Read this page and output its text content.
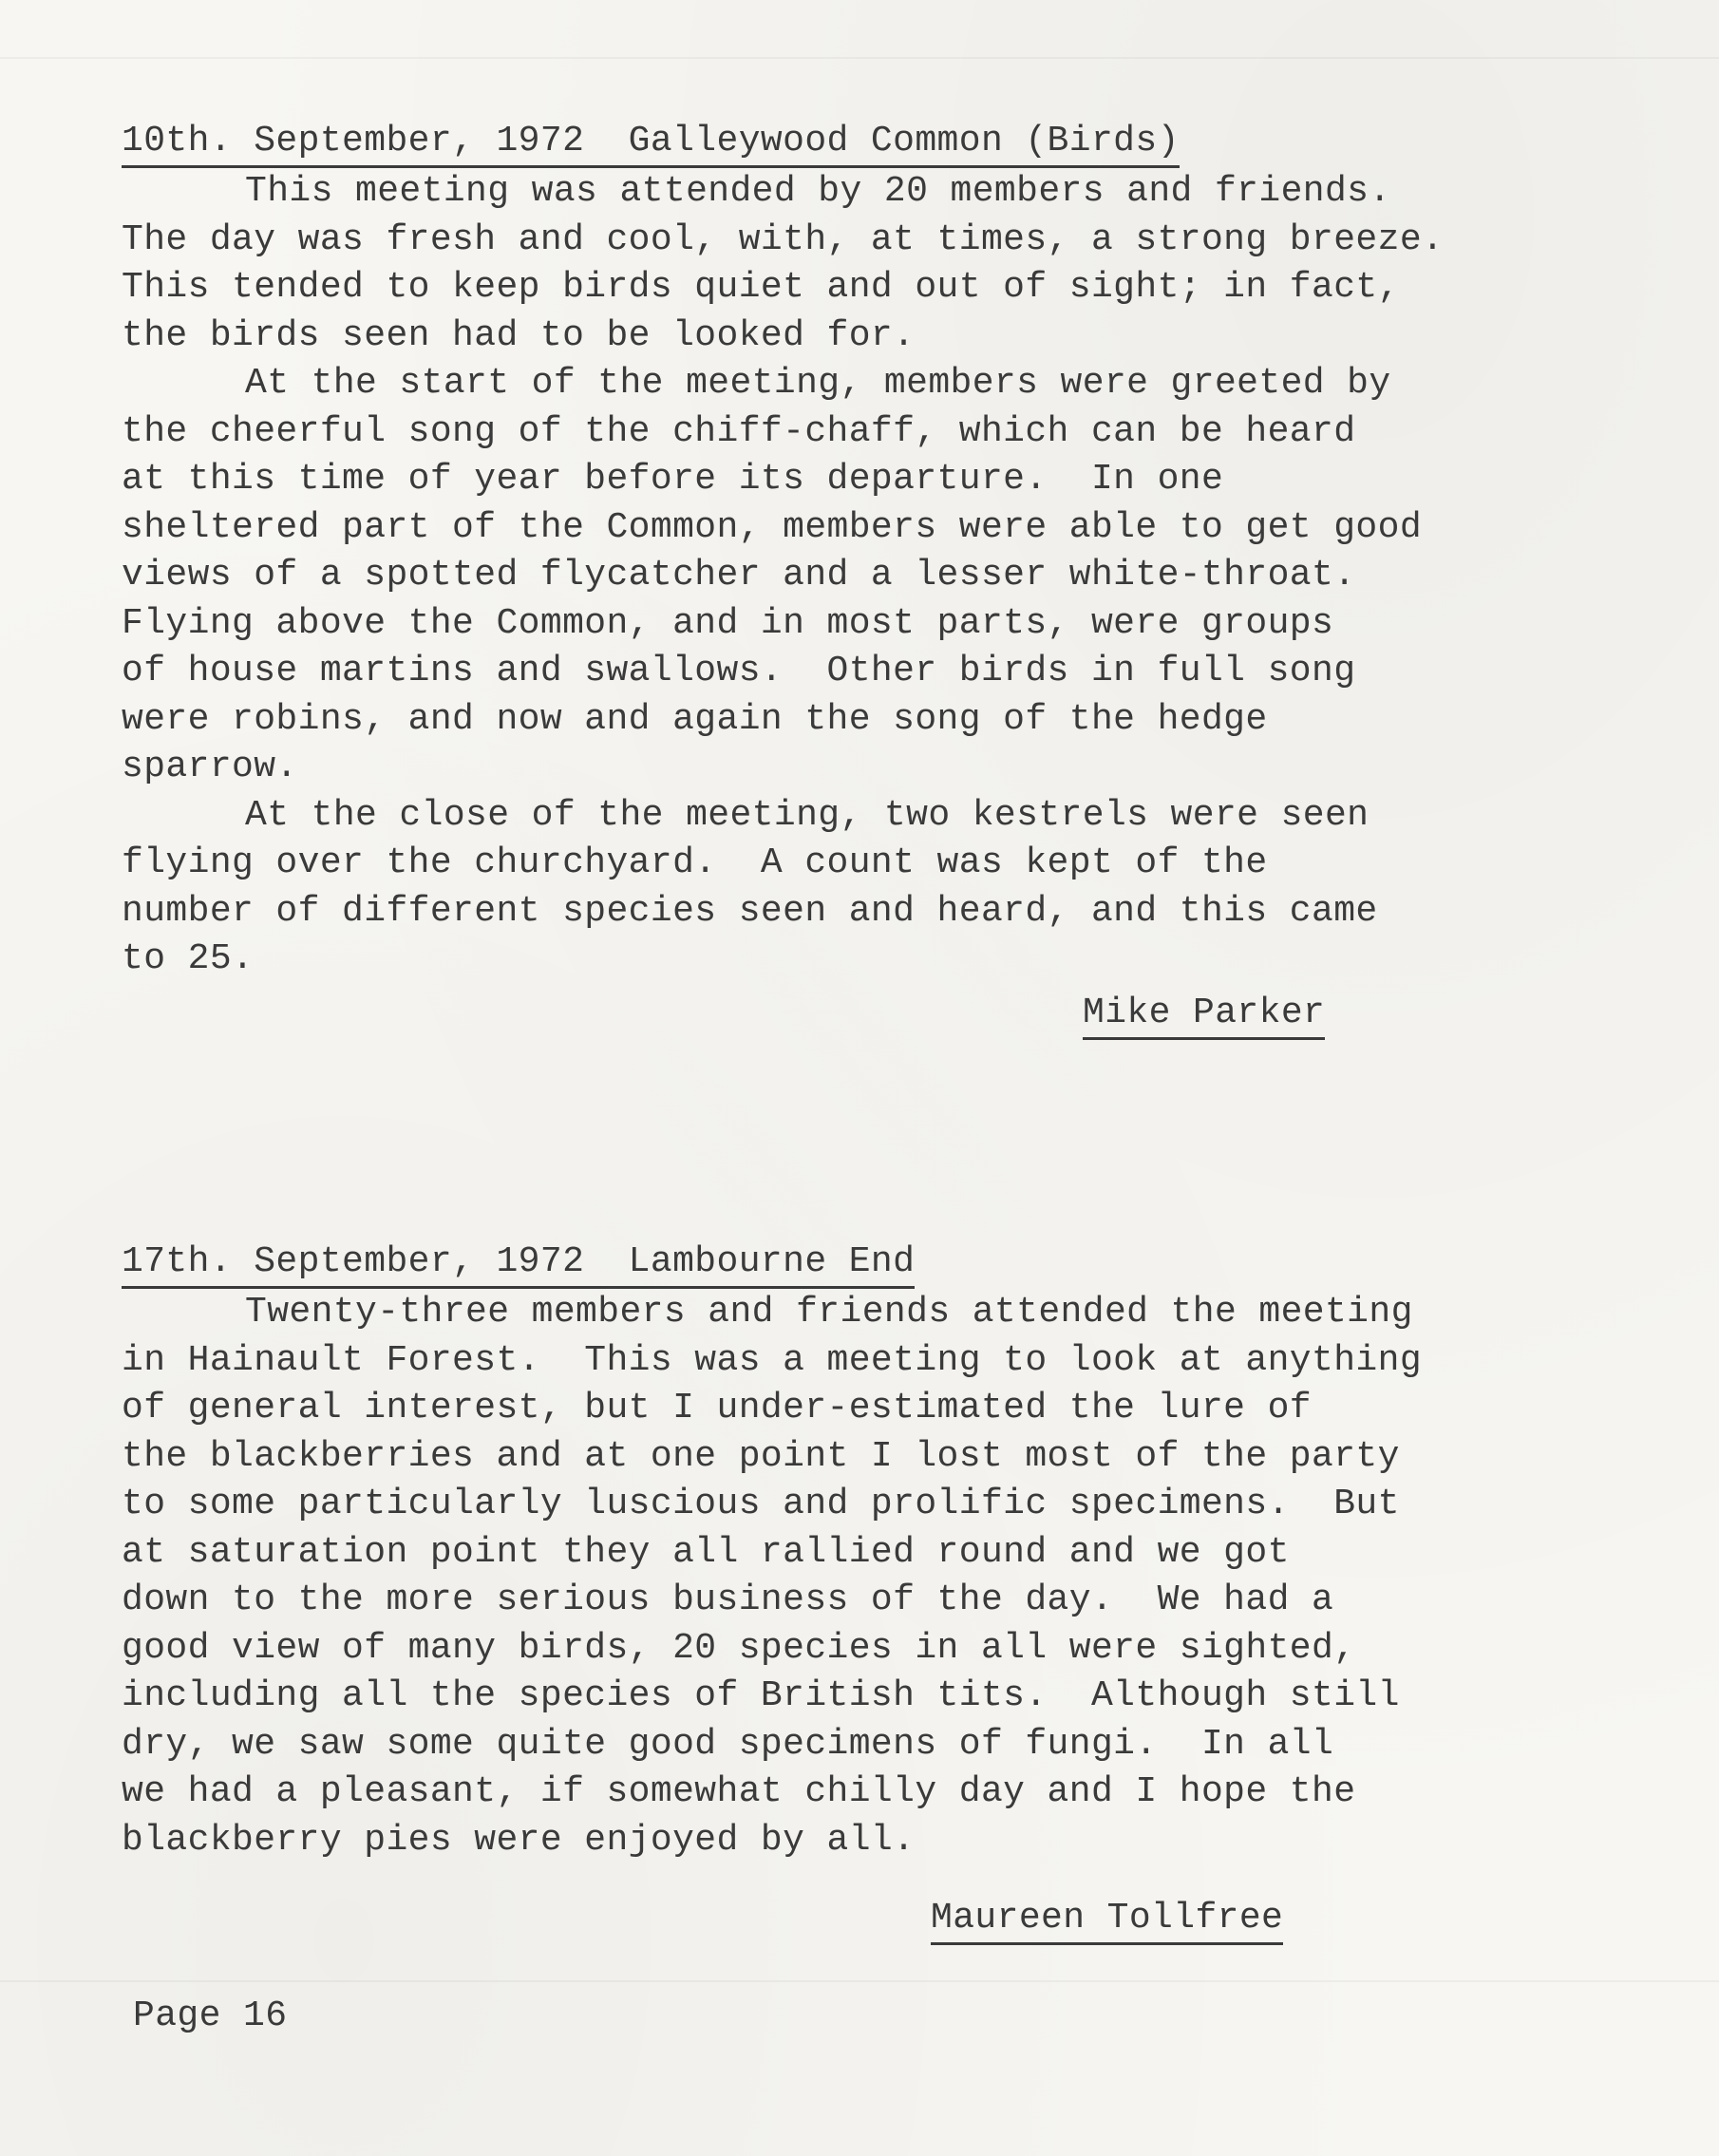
10th. September, 1972  Galleywood Common (Birds)
This meeting was attended by 20 members and friends.
The day was fresh and cool, with, at times, a strong breeze.
This tended to keep birds quiet and out of sight; in fact,
the birds seen had to be looked for.
At the start of the meeting, members were greeted by
the cheerful song of the chiff-chaff, which can be heard
at this time of year before its departure.  In one
sheltered part of the Common, members were able to get good
views of a spotted flycatcher and a lesser white-throat.
Flying above the Common, and in most parts, were groups
of house martins and swallows.  Other birds in full song
were robins, and now and again the song of the hedge
sparrow.
At the close of the meeting, two kestrels were seen
flying over the churchyard.  A count was kept of the
number of different species seen and heard, and this came
to 25.
Mike Parker
17th. September, 1972  Lambourne End
Twenty-three members and friends attended the meeting
in Hainault Forest.  This was a meeting to look at anything
of general interest, but I under-estimated the lure of
the blackberries and at one point I lost most of the party
to some particularly luscious and prolific specimens.  But
at saturation point they all rallied round and we got
down to the more serious business of the day.  We had a
good view of many birds, 20 species in all were sighted,
including all the species of British tits.  Although still
dry, we saw some quite good specimens of fungi.  In all
we had a pleasant, if somewhat chilly day and I hope the
blackberry pies were enjoyed by all.
Maureen Tollfree
Page 16
